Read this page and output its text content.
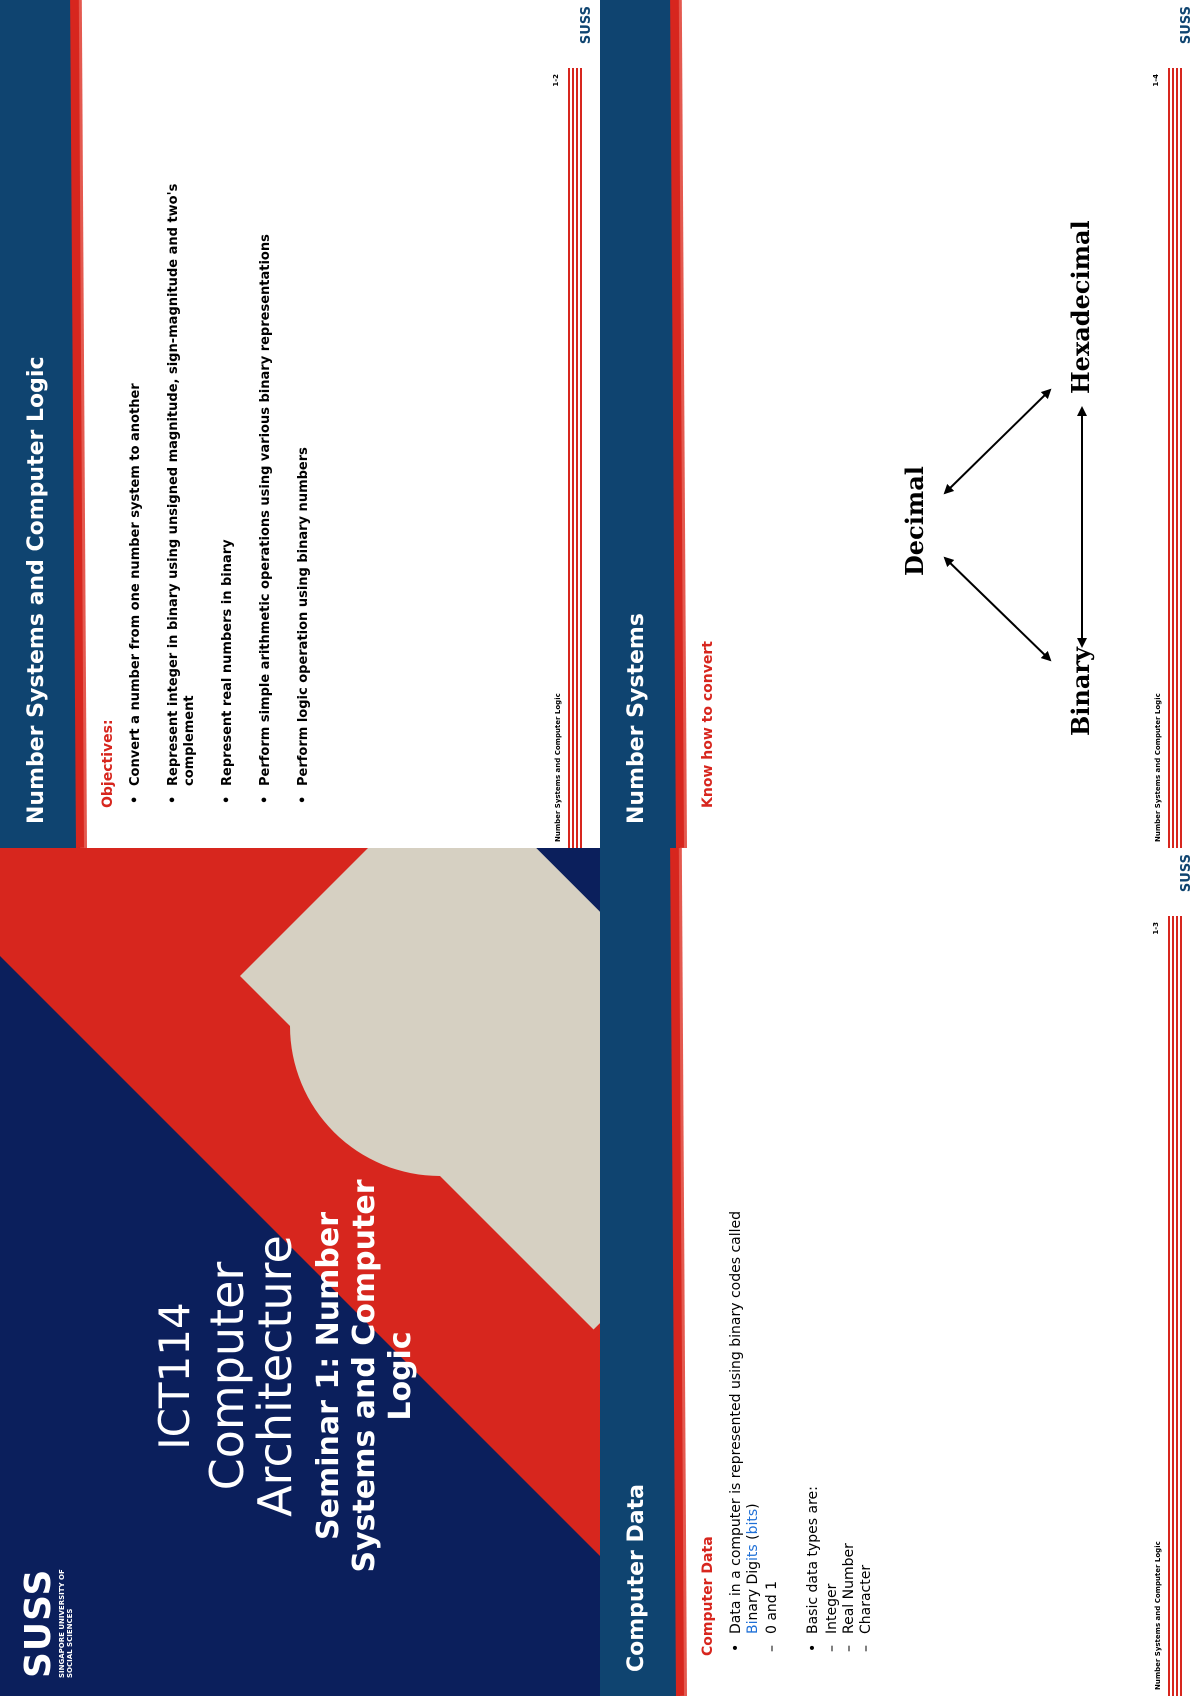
SUSS SINGAPORE UNIVERSITY OF SOCIAL SCIENCES
ICT114 Computer Architecture Seminar 1: Number Systems and Computer Logic
Number Systems and Computer Logic	Objectives: • Convert a number from one number system to another • Represent integer in binary using unsigned magnitude, sign-magnitude and two's complement • Represent real numbers in binary • Perform simple arithmetic operations using various binary representations • Perform logic operation using binary numbers	Number Systems and Computer Logic
1-2
SUSS
Computer Data	Computer Data • Data in a computer is represented using binary codes called
Binary Digits (bits)
– 0 and 1 • Basic data types are: – Integer – Real Number – Character	Number Systems and Computer Logic
1-3
SUSS
Number Systems	Know how to convert
Decimal
Binary
Hexadecimal
Number Systems and Computer Logic
1-4
SUSS
